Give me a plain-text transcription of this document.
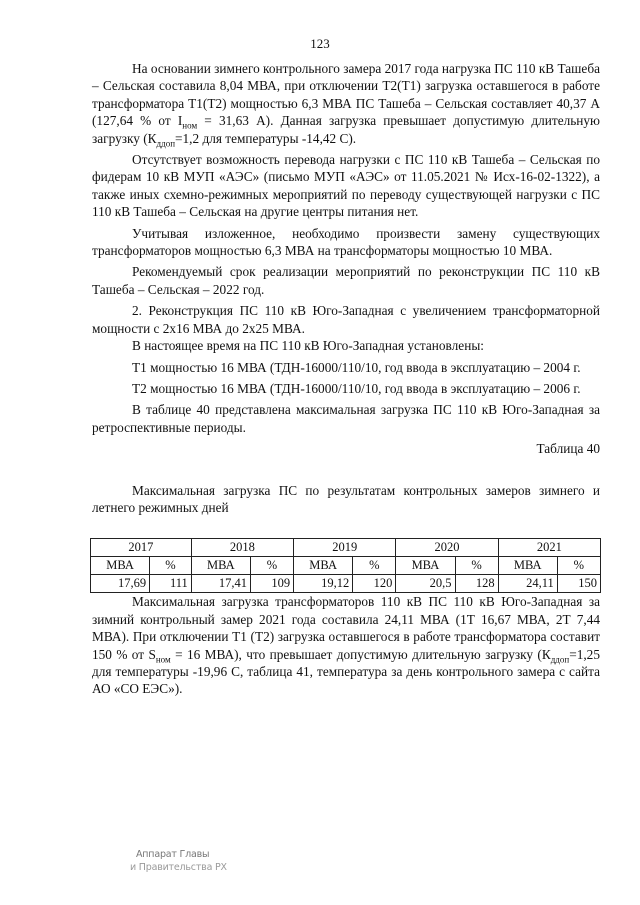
123

На основании зимнего контрольного замера 2017 года нагрузка ПС 110 кВ Ташеба – Сельская составила 8,04 МВА, при отключении Т2(Т1) загрузка оставшегося в работе трансформатора Т1(Т2) мощностью 6,3 МВА ПС Ташеба – Сельская составляет 40,37 А (127,64 % от $I_{ном} = 31,63$ А). Данная загрузка превышает допустимую длительную загрузку ($К_{ддоп}=1,2$ для температуры -14,42 С).

Отсутствует возможность перевода нагрузки с ПС 110 кВ Ташеба – Сельская по фидерам 10 кВ МУП «АЭС» (письмо МУП «АЭС» от 11.05.2021 № Исх-16-02-1322), а также иных схемно-режимных мероприятий по переводу существующей нагрузки с ПС 110 кВ Ташеба – Сельская на другие центры питания нет.

Учитывая изложенное, необходимо произвести замену существующих трансформаторов мощностью 6,3 МВА на трансформаторы мощностью 10 МВА.

Рекомендуемый срок реализации мероприятий по реконструкции ПС 110 кВ Ташеба – Сельская – 2022 год.

2. Реконструкция ПС 110 кВ Юго-Западная с увеличением трансформаторной мощности с 2х16 МВА до 2х25 МВА.

В настоящее время на ПС 110 кВ Юго-Западная установлены:

Т1 мощностью 16 МВА (ТДН-16000/110/10, год ввода в эксплуатацию – 2004 г.

Т2 мощностью 16 МВА (ТДН-16000/110/10, год ввода в эксплуатацию – 2006 г.

В таблице 40 представлена максимальная загрузка ПС 110 кВ Юго-Западная за ретроспективные периоды.

Таблица 40
Максимальная загрузка ПС по результатам контрольных замеров зимнего и летнего режимных дней
2017		2018		2019		2020		2021	
МВА	%	МВА	%	МВА	%	МВА	%	МВА	%
17,69	111	17,41	109	19,12	120	20,5	128	24,11	150

Максимальная загрузка трансформаторов 110 кВ ПС 110 кВ Юго-Западная за зимний контрольный замер 2021 года составила 24,11 МВА (1Т 16,67 МВА, 2Т 7,44 МВА). При отключении Т1 (Т2) загрузка оставшегося в работе трансформатора составит 150 % от $S_{ном} = 16$ МВА), что превышает допустимую длительную загрузку ($К_{ддоп}=1,25$ для температуры -19,96 С, таблица 41, температура за день контрольного замера с сайта АО «СО ЕЭС»).

Аппарат Главы
и Правительства РХ
